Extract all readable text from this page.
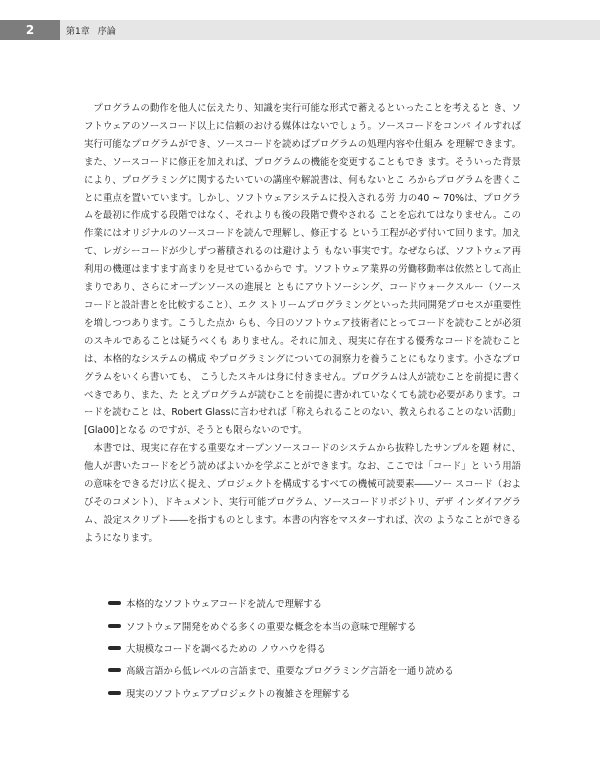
2	第1章 序論

プログラムの動作を他人に伝えたり、知識を実行可能な形式で蓄えるといったことを考えると き、ソフトウェアのソースコード以上に信頼のおける媒体はないでしょう。ソースコードをコンパ イルすれば実行可能なプログラムができ、ソースコードを読めばプログラムの処理内容や仕組み を理解できます。また、ソースコードに修正を加えれば、プログラムの機能を変更することもでき ます。そういった背景により、プログラミングに関するたいていの講座や解説書は、何もないとこ ろからプログラムを書くことに重点を置いています。しかし、ソフトウェアシステムに投入される労 力の40 ~ 70%は、プログラムを最初に作成する段階ではなく、それよりも後の段階で費やされる ことを忘れてはなりません。この作業にはオリジナルのソースコードを読んで理解し、修正する という工程が必ず付いて回ります。加えて、レガシーコードが少しずつ蓄積されるのは避けよう もない事実です。なぜならば、ソフトウェア再利用の機運はますます高まりを見せているからで す。ソフトウェア業界の労働移動率は依然として高止まりであり、さらにオープンソースの進展と ともにアウトソーシング、コードウォークスルー（ソースコードと設計書とを比較すること）、エク ストリームプログラミングといった共同開発プロセスが重要性を増しつつあります。こうした点か らも、今日のソフトウェア技術者にとってコードを読むことが必須のスキルであることは疑うべくも ありません。それに加え、現実に存在する優秀なコードを読むことは、本格的なシステムの構成 やプログラミングについての洞察力を養うことにもなります。小さなプログラムをいくら書いても、 こうしたスキルは身に付きません。プログラムは人が読むことを前提に書くべきであり、また、た とえプログラムが読むことを前提に書かれていなくても読む必要があります。コードを読むこと は、Robert Glassに言わせれば「称えられることのない、教えられることのない活動」[Gla00]となる のですが、そうとも限らないのです。

本書では、現実に存在する重要なオープンソースコードのシステムから抜粋したサンプルを題 材に、他人が書いたコードをどう読めばよいかを学ぶことができます。なお、ここでは「コード」と いう用語の意味をできるだけ広く捉え、プロジェクトを構成するすべての機械可読要素――ソー スコード（およびそのコメント）、ドキュメント、実行可能プログラム、ソースコードリポジトリ、デザ インダイアグラム、設定スクリプト――を指すものとします。本書の内容をマスターすれば、次の ようなことができるようになります。

本格的なソフトウェアコードを読んで理解する
ソフトウェア開発をめぐる多くの重要な概念を本当の意味で理解する
大規模なコードを調べるための ノウハウを得る
高級言語から低レベルの言語まで、重要なプログラミング言語を一通り読める
現実のソフトウェアプロジェクトの複雑さを理解する
